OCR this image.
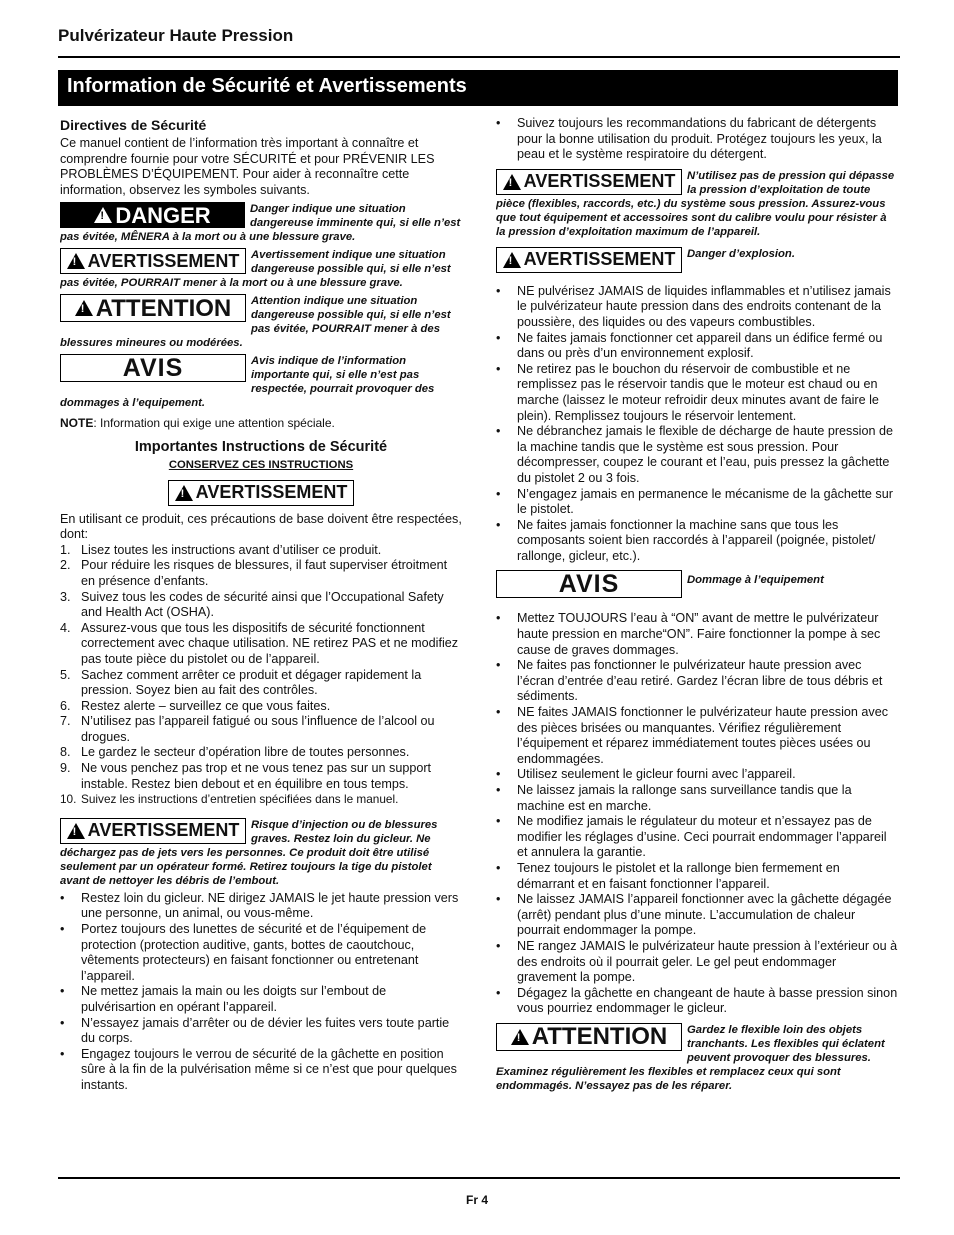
Pulvérizateur Haute Pression
Information de Sécurité et Avertissements
Directives de Sécurité

Ce manuel contient de l’information très important à connaître et comprendre fournie pour votre SÉCURITÉ et pour PRÉVENIR LES PROBLÈMES D’ÉQUIPEMENT. Pour aider à reconnaître cette information, observez les symboles suivants.

!
DANGER	Danger indique une situation dangereuse imminente qui, si elle n’est pas évitée, MÊNERA à la mort ou à une blessure grave.
!
AVERTISSEMENT	Avertissement indique une situation dangereuse possible qui, si elle n’est pas évitée, POURRAIT mener à la mort ou à une blessure grave.
!
ATTENTION	Attention indique une situation dangereuse possible qui, si elle n’est pas évitée, POURRAIT mener à des blessures mineures ou modérées.
AVIS	Avis indique de l’information importante qui, si elle n’est pas respectée, pourrait provoquer des dommages à l’equipement.

NOTE: Information qui exige une attention spéciale.

Importantes Instructions de Sécurité
CONSERVEZ CES INSTRUCTIONS
!
AVERTISSEMENT

En utilisant ce produit, ces précautions de base doivent être respectées, dont:

1. Lisez toutes les instructions avant d’utiliser ce produit.
2. Pour réduire les risques de blessures, il faut superviser étroitment en présence d’enfants.
3. Suivez tous les codes de sécurité ainsi que l’Occupational Safety and Health Act (OSHA).
4. Assurez-vous que tous les dispositifs de sécurité fonctionnent correctement avec chaque utilisation. NE retirez PAS et ne modifiez pas toute pièce du pistolet ou de l’appareil.
5. Sachez comment arrêter ce produit et dégager rapidement la pression. Soyez bien au fait des contrôles.
6. Restez alerte – surveillez ce que vous faites.
7. N’utilisez pas l’appareil fatigué ou sous l’influence de l’alcool ou drogues.
8. Le gardez le secteur d’opération libre de toutes personnes.
9. Ne vous penchez pas trop et ne vous tenez pas sur un support instable. Restez bien debout et en équilibre en tous temps.
10. Suivez les instructions d’entretien spécifiées dans le manuel.
!
AVERTISSEMENT	Risque d’injection ou de blessures graves. Restez loin du gicleur. Ne déchargez pas de jets vers les personnes. Ce produit doit être utilisé seulement par un opérateur formé. Retirez toujours la tige du pistolet avant de nettoyer les débris de l’embout.
• Restez loin du gicleur. NE dirigez JAMAIS le jet haute pression vers une personne, un animal, ou vous-même.
• Portez toujours des lunettes de sécurité et de l’équipement de protection (protection auditive, gants, bottes de caoutchouc, vêtements protecteurs) en faisant fonctionner ou entretenant l’appareil.
• Ne mettez jamais la main ou les doigts sur l’embout de pulvérisartion en opérant l’appareil.
• N’essayez jamais d’arrêter ou de dévier les fuites vers toute partie du corps.
• Engagez toujours le verrou de sécurité de la gâchette en position sûre à la fin de la pulvérisation même si ce n’est que pour quelques instants.
• Suivez toujours les recommandations du fabricant de détergents pour la bonne utilisation du produit. Protégez toujours les yeux, la peau et le système respiratoire du détergent.
!
AVERTISSEMENT	N’utilisez pas de pression qui dépasse la pression d’exploitation de toute pièce (flexibles, raccords, etc.) du système sous pression. Assurez-vous que tout équipement et accessoires sont du calibre voulu pour résister à la pression d’exploitation maximum de l’appareil.
!
AVERTISSEMENT	Danger d’explosion.
• NE pulvérisez JAMAIS de liquides inflammables et n’utilisez jamais le pulvérizateur haute pression dans des endroits contenant de la poussière, des liquides ou des vapeurs combustibles.
• Ne faites jamais fonctionner cet appareil dans un édifice fermé ou dans ou près d’un environnement explosif.
• Ne retirez pas le bouchon du réservoir de combustible et ne remplissez pas le réservoir tandis que le moteur est chaud ou en marche (laissez le moteur refroidir deux minutes avant de faire le plein). Remplissez toujours le réservoir lentement.
• Ne débranchez jamais le flexible de décharge de haute pression de la machine tandis que le système est sous pression. Pour décompresser, coupez le courant et l’eau, puis pressez la gâchette du pistolet 2 ou 3 fois.
• N’engagez jamais en permanence le mécanisme de la gâchette sur le pistolet.
• Ne faites jamais fonctionner la machine sans que tous les composants soient bien raccordés à l’appareil (poignée, pistolet/ rallonge, gicleur, etc.).
AVIS	Dommage à l’equipement
• Mettez TOUJOURS l’eau à “ON” avant de mettre le pulvérizateur haute pression en marche“ON”. Faire fonctionner la pompe à sec cause de graves dommages.
• Ne faites pas fonctionner le pulvérizateur haute pression avec l’écran d’entrée d’eau retiré. Gardez l’écran libre de tous débris et sédiments.
• NE faites JAMAIS fonctionner le pulvérizateur haute pression avec des pièces brisées ou manquantes. Vérifiez régulièrement l’équipement et réparez immédiatement toutes pièces usées ou endommagées.
• Utilisez seulement le gicleur fourni avec l’appareil.
• Ne laissez jamais la rallonge sans surveillance tandis que la machine est en marche.
• Ne modifiez jamais le régulateur du moteur et n’essayez pas de modifier les réglages d’usine. Ceci pourrait endommager l’appareil et annulera la garantie.
• Tenez toujours le pistolet et la rallonge bien fermement en démarrant et en faisant fonctionner l’appareil.
• Ne laissez JAMAIS l’appareil fonctionner avec la gâchette dégagée (arrêt) pendant plus d’une minute. L’accumulation de chaleur pourrait endommager la pompe.
• NE rangez JAMAIS le pulvérizateur haute pression à l’extérieur ou à des endroits où il pourrait geler. Le gel peut endommager gravement la pompe.
• Dégagez la gâchette en changeant de haute à basse pression sinon vous pourriez endommager le gicleur.
!
ATTENTION	Gardez le flexible loin des objets tranchants. Les flexibles qui éclatent peuvent provoquer des blessures. Examinez régulièrement les flexibles et remplacez ceux qui sont endommagés. N’essayez pas de les réparer.
Fr 4
